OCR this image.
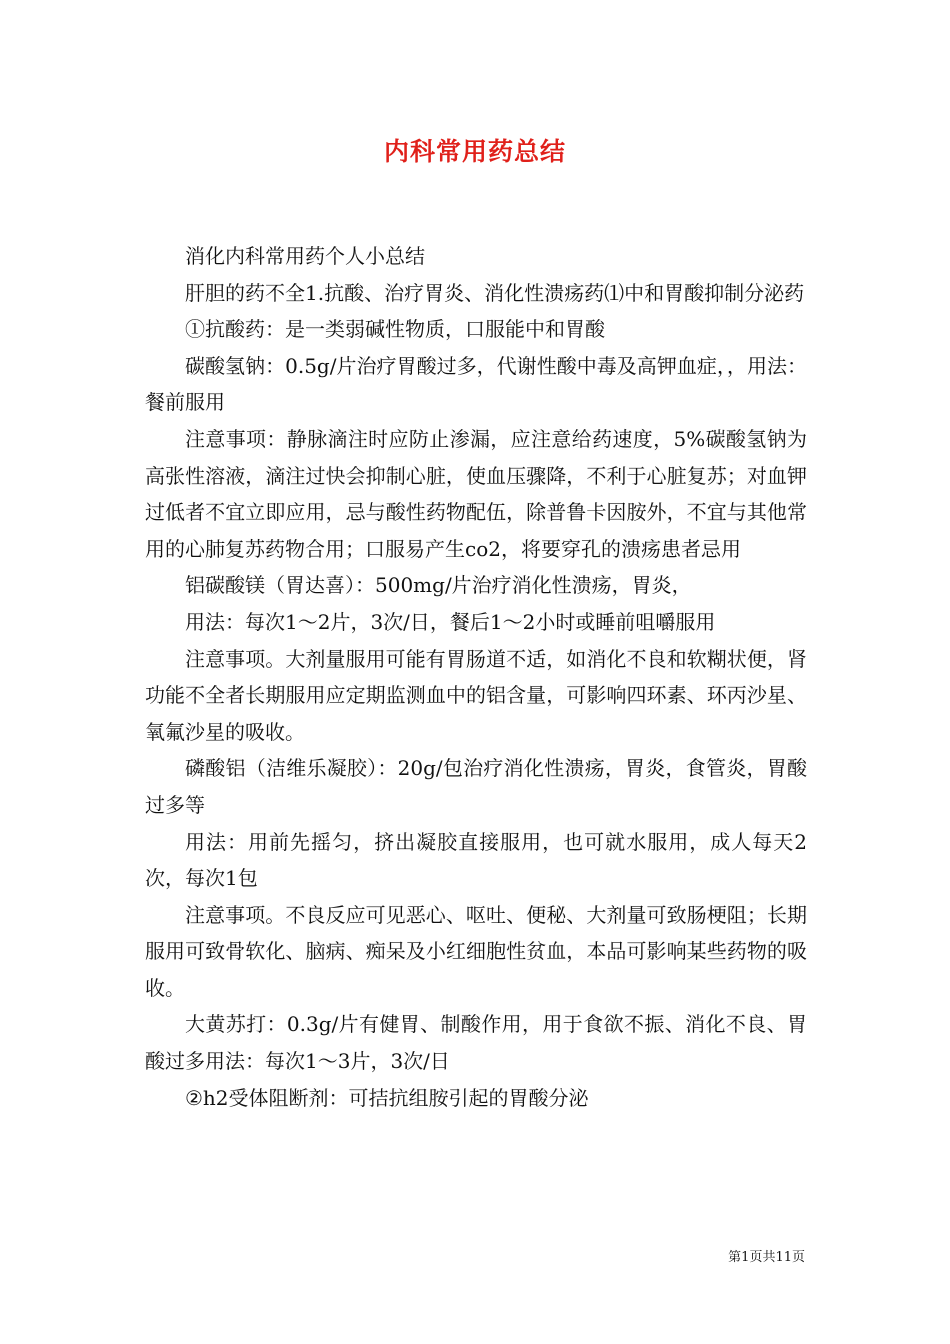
内科常用药总结

消化内科常用药个人小总结

肝胆的药不全1.抗酸、治疗胃炎、消化性溃疡药⑴中和胃酸抑制分泌药

①抗酸药：是一类弱碱性物质，口服能中和胃酸

碳酸氢钠：0.5g/片治疗胃酸过多，代谢性酸中毒及高钾血症，，用法：餐前服用

注意事项：静脉滴注时应防止渗漏，应注意给药速度，5%碳酸氢钠为高张性溶液，滴注过快会抑制心脏，使血压骤降，不利于心脏复苏；对血钾过低者不宜立即应用，忌与酸性药物配伍，除普鲁卡因胺外，不宜与其他常用的心肺复苏药物合用；口服易产生co2，将要穿孔的溃疡患者忌用

铝碳酸镁（胃达喜）：500mg/片治疗消化性溃疡，胃炎，

用法：每次1～2片，3次/日，餐后1～2小时或睡前咀嚼服用

注意事项。大剂量服用可能有胃肠道不适，如消化不良和软糊状便，肾功能不全者长期服用应定期监测血中的铝含量，可影响四环素、环丙沙星、氧氟沙星的吸收。

磷酸铝（洁维乐凝胶）：20g/包治疗消化性溃疡，胃炎，食管炎，胃酸过多等

用法：用前先摇匀，挤出凝胶直接服用，也可就水服用，成人每天2次，每次1包

注意事项。不良反应可见恶心、呕吐、便秘、大剂量可致肠梗阻；长期服用可致骨软化、脑病、痴呆及小红细胞性贫血，本品可影响某些药物的吸收。

大黄苏打：0.3g/片有健胃、制酸作用，用于食欲不振、消化不良、胃酸过多用法：每次1～3片，3次/日

②h2受体阻断剂：可拮抗组胺引起的胃酸分泌

第1页共11页
